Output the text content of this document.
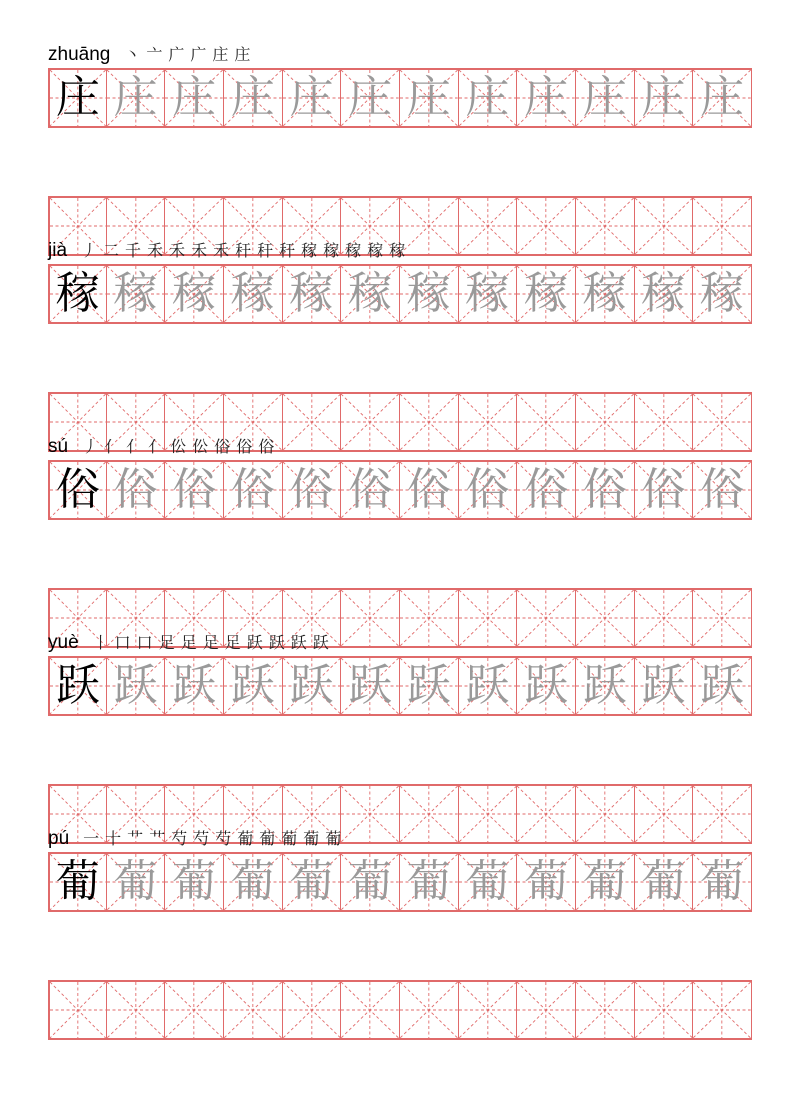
zhuāng 丶 亠 广 广 庄 庄
庄 庄 庄 庄 庄 庄 庄 庄 庄 庄 庄 庄
jià 丿 二 千 禾 禾 禾 禾 秆 秆 秆 稼 稼 稼 稼 稼
稼 稼 稼 稼 稼 稼 稼 稼 稼 稼 稼 稼
sú 丿 亻 亻 亻 伀 伀 俗 俗 俗
俗 俗 俗 俗 俗 俗 俗 俗 俗 俗 俗 俗
yuè 丨 口 口 足 足 足 足 跃 跃 跃 跃
跃 跃 跃 跃 跃 跃 跃 跃 跃 跃 跃 跃
pú 一 十 艹 艹 芍 芍 芍 葡 葡 葡 葡 葡
葡 葡 葡 葡 葡 葡 葡 葡 葡 葡 葡 葡
